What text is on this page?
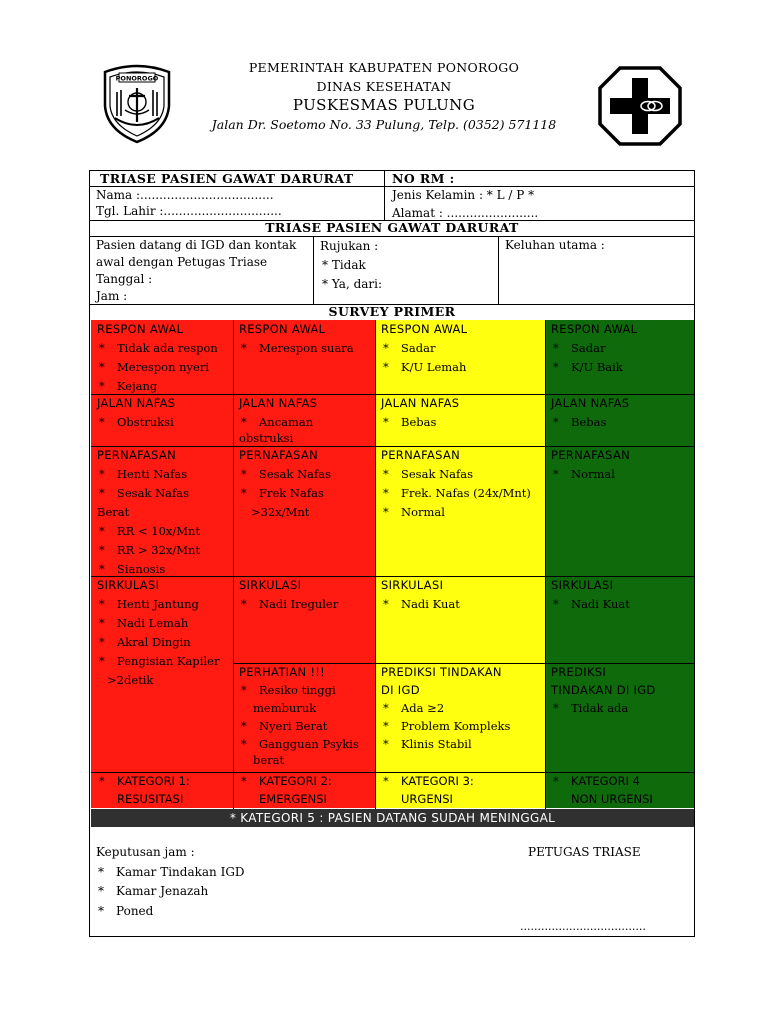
PONOROGO
PEMERINTAH KABUPATEN PONOROGO
DINAS KESEHATAN
PUSKESMAS PULUNG
Jalan Dr. Soetomo No. 33 Pulung, Telp. (0352) 571118
TRIASE PASIEN GAWAT DARURAT	NO RM :
Nama :...................................
Tgl. Lahir :...............................
Jenis Kelamin : * L / P *
Alamat : ........................
TRIASE PASIEN GAWAT DARURAT
Pasien datang di IGD dan kontak
awal dengan Petugas Triase
Tanggal :
Jam :
Rujukan :
* Tidak
* Ya, dari:
Keluhan utama :
SURVEY PRIMER
RESPON AWAL
* Tidak ada respon
* Merespon nyeri
* Kejang
JALAN NAFAS
* Obstruksi
PERNAFASAN
* Henti Nafas
* Sesak Nafas
Berat
* RR < 10x/Mnt
* RR > 32x/Mnt
* Sianosis
SIRKULASI
* Henti Jantung
* Nadi Lemah
* Akral Dingin
* Pengisian Kapiler
>2detik
* KATEGORI 1:
RESUSITASI
RESPON AWAL
* Merespon suara
JALAN NAFAS
* Ancaman
obstruksi
PERNAFASAN
* Sesak Nafas
* Frek Nafas
>32x/Mnt
SIRKULASI
* Nadi Ireguler
PERHATIAN !!!
* Resiko tinggi
memburuk
* Nyeri Berat
* Gangguan Psykis
berat
* KATEGORI 2:
EMERGENSI
RESPON AWAL
* Sadar
* K/U Lemah
JALAN NAFAS
* Bebas
PERNAFASAN
* Sesak Nafas
* Frek. Nafas (24x/Mnt)
* Normal
SIRKULASI
* Nadi Kuat
PREDIKSI TINDAKAN
DI IGD
* Ada ≥2
* Problem Kompleks
* Klinis Stabil
* KATEGORI 3:
URGENSI
RESPON AWAL
* Sadar
* K/U Baik
JALAN NAFAS
* Bebas
PERNAFASAN
* Normal
SIRKULASI
* Nadi Kuat
PREDIKSI
TINDAKAN DI IGD
* Tidak ada
* KATEGORI 4
NON URGENSI
* KATEGORI 5 : PASIEN DATANG SUDAH MENINGGAL
Keputusan jam :
* Kamar Tindakan IGD
* Kamar Jenazah
* Poned
PETUGAS TRIASE
....................................
